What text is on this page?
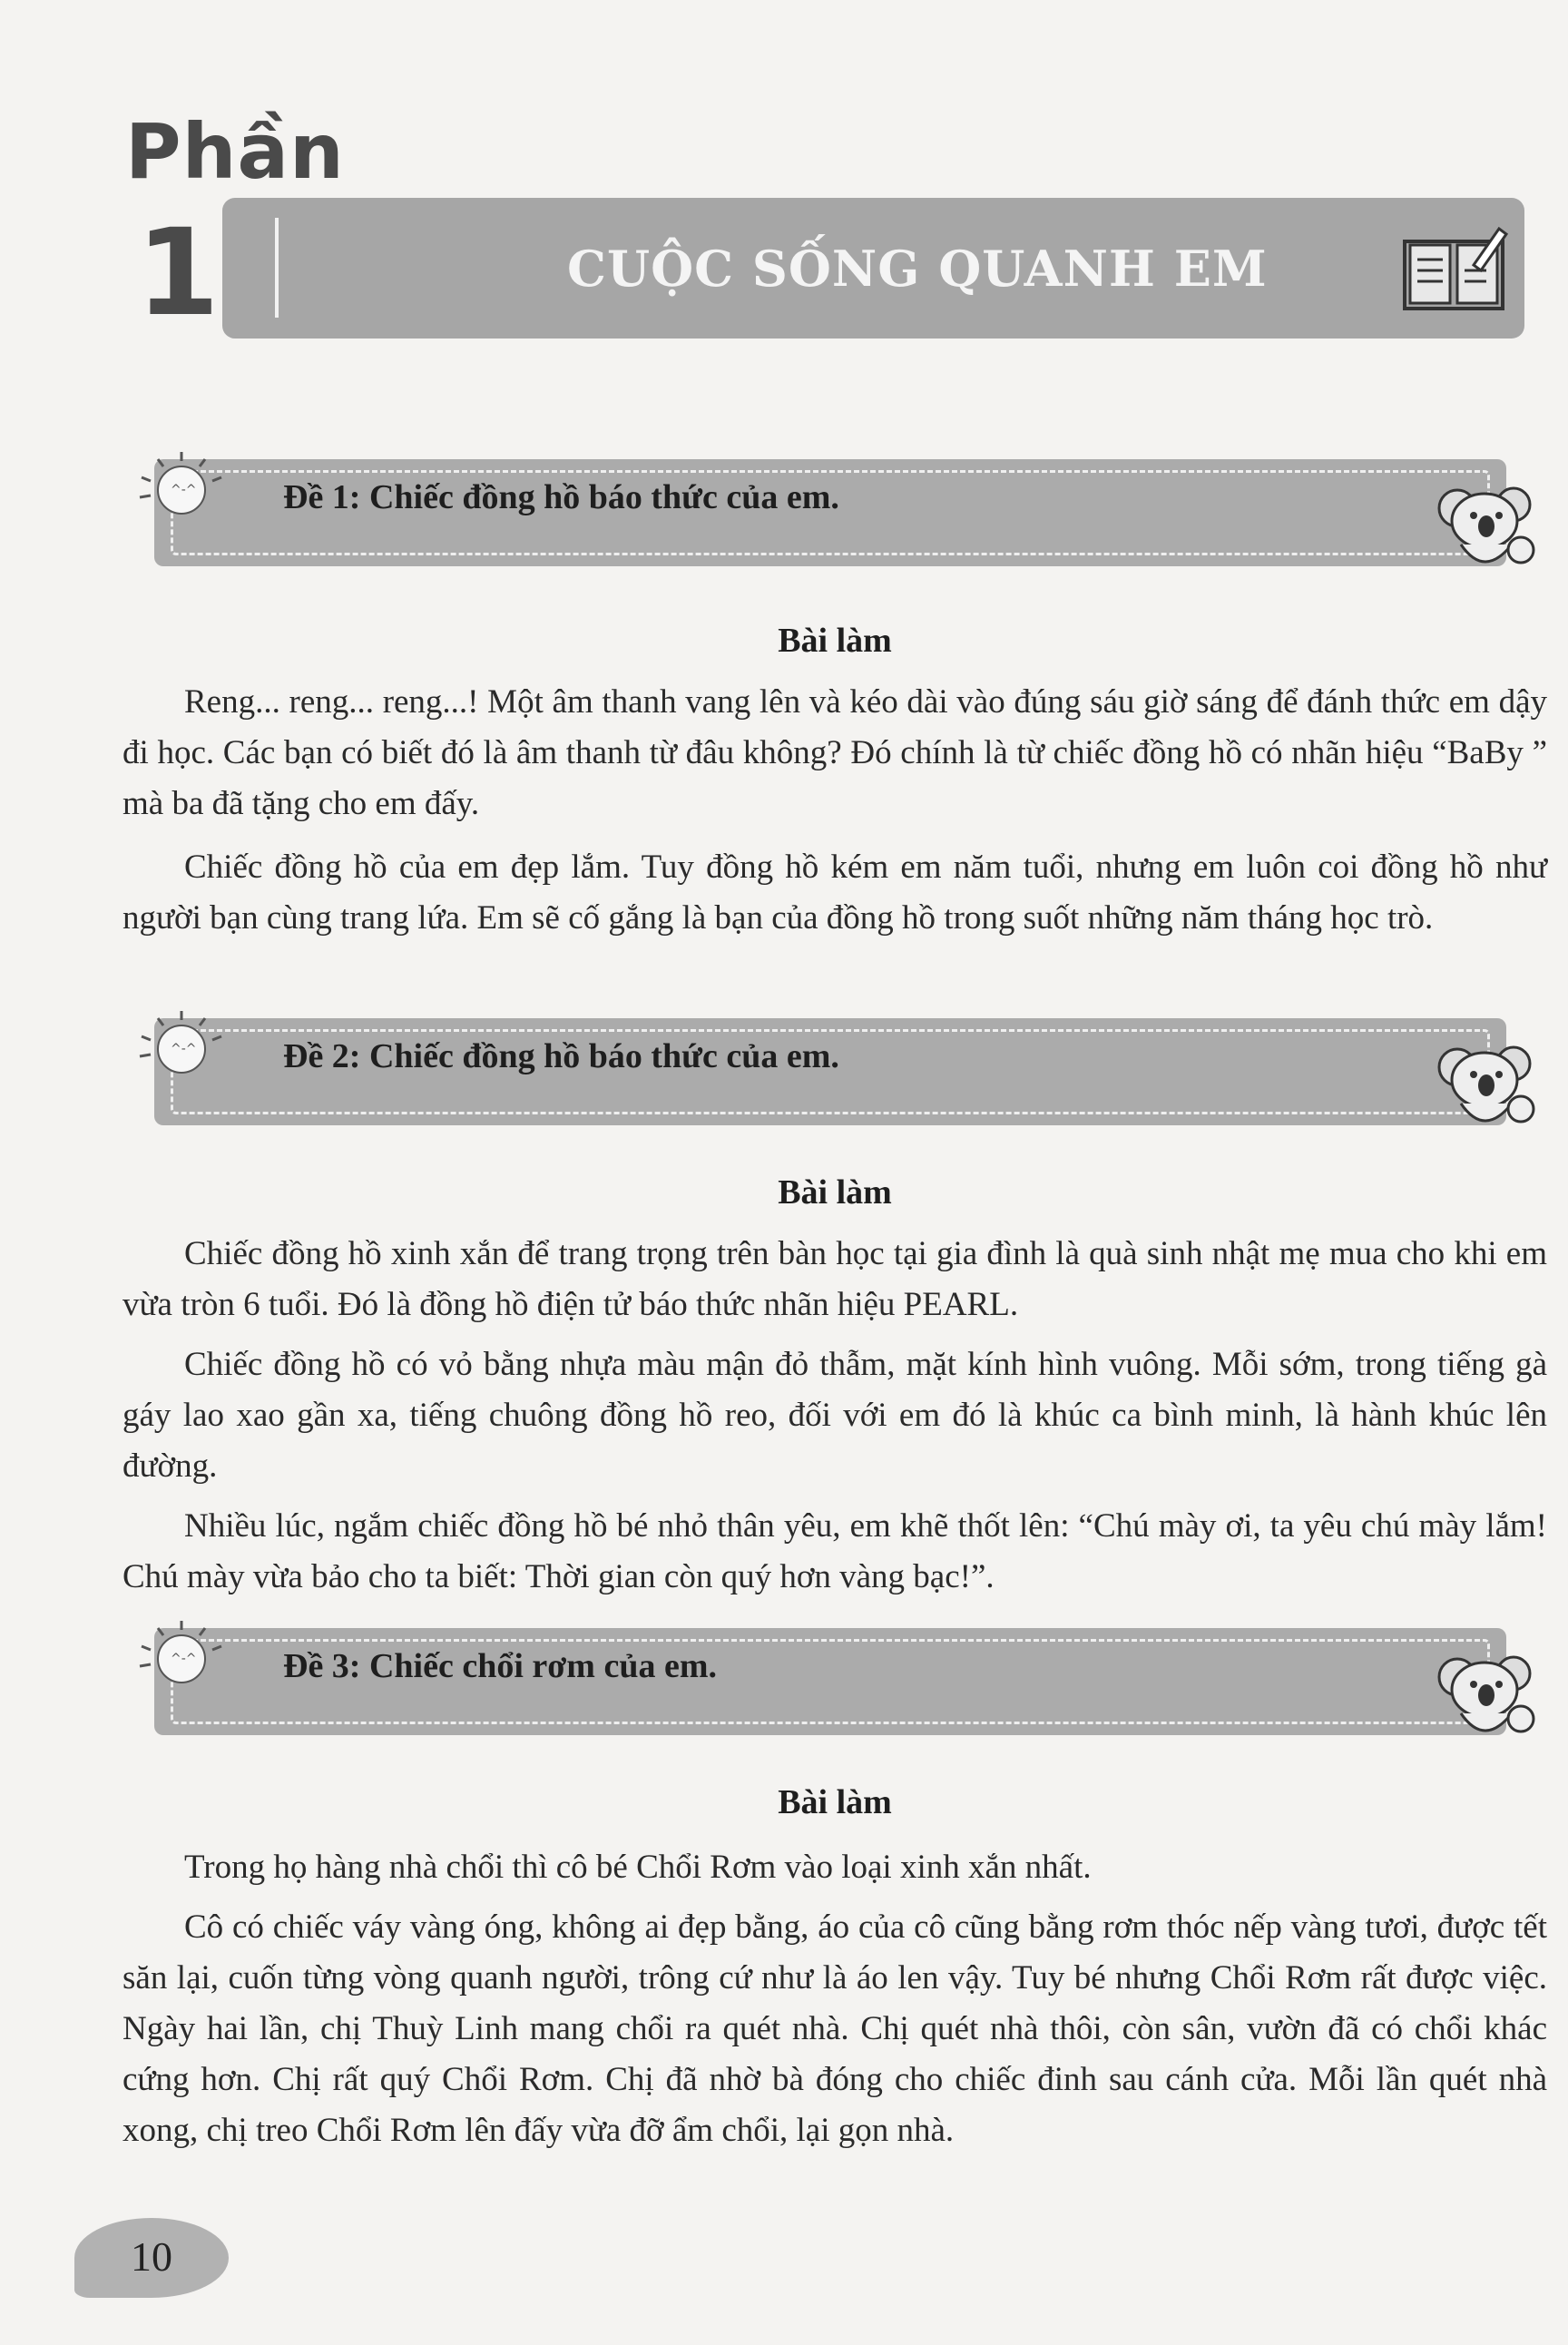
Phần
1	CUỘC SỐNG QUANH EM
^-^	Đề 1: Chiếc đồng hồ báo thức của em.
Bài làm
Reng... reng... reng...! Một âm thanh vang lên và kéo dài vào đúng sáu giờ sáng để đánh thức em dậy đi học. Các bạn có biết đó là âm thanh từ đâu không? Đó chính là từ chiếc đồng hồ có nhãn hiệu “BaBy ” mà ba đã tặng cho em đấy.
Chiếc đồng hồ của em đẹp lắm. Tuy đồng hồ kém em năm tuổi, nhưng em luôn coi đồng hồ như người bạn cùng trang lứa. Em sẽ cố gắng là bạn của đồng hồ trong suốt những năm tháng học trò.
^-^	Đề 2: Chiếc đồng hồ báo thức của em.
Bài làm
Chiếc đồng hồ xinh xắn để trang trọng trên bàn học tại gia đình là quà sinh nhật mẹ mua cho khi em vừa tròn 6 tuổi. Đó là đồng hồ điện tử báo thức nhãn hiệu PEARL.
Chiếc đồng hồ có vỏ bằng nhựa màu mận đỏ thẫm, mặt kính hình vuông. Mỗi sớm, trong tiếng gà gáy lao xao gần xa, tiếng chuông đồng hồ reo, đối với em đó là khúc ca bình minh, là hành khúc lên đường.
Nhiều lúc, ngắm chiếc đồng hồ bé nhỏ thân yêu, em khẽ thốt lên: “Chú mày ơi, ta yêu chú mày lắm! Chú mày vừa bảo cho ta biết: Thời gian còn quý hơn vàng bạc!”.
^-^	Đề 3: Chiếc chổi rơm của em.
Bài làm
Trong họ hàng nhà chổi thì cô bé Chổi Rơm vào loại xinh xắn nhất.
Cô có chiếc váy vàng óng, không ai đẹp bằng, áo của cô cũng bằng rơm thóc nếp vàng tươi, được tết săn lại, cuốn từng vòng quanh người, trông cứ như là áo len vậy. Tuy bé nhưng Chổi Rơm rất được việc. Ngày hai lần, chị Thuỳ Linh mang chổi ra quét nhà. Chị quét nhà thôi, còn sân, vườn đã có chổi khác cứng hơn. Chị rất quý Chổi Rơm. Chị đã nhờ bà đóng cho chiếc đinh sau cánh cửa. Mỗi lần quét nhà xong, chị treo Chổi Rơm lên đấy vừa đỡ ẩm chổi, lại gọn nhà.
10
